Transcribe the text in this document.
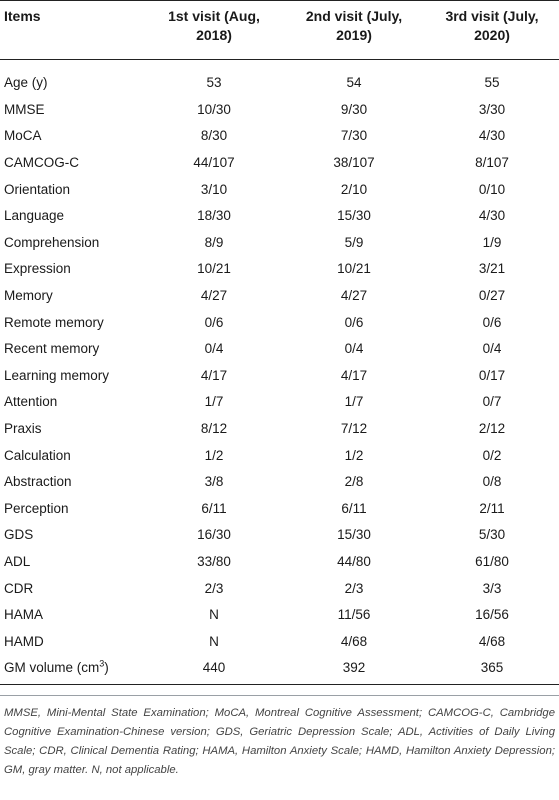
Items	1st visit (Aug, 2018)	2nd visit (July, 2019)	3rd visit (July, 2020)

Age (y)	53	54	55
MMSE	10/30	9/30	3/30
MoCA	8/30	7/30	4/30
CAMCOG-C	44/107	38/107	8/107
Orientation	3/10	2/10	0/10
Language	18/30	15/30	4/30
Comprehension	8/9	5/9	1/9
Expression	10/21	10/21	3/21
Memory	4/27	4/27	0/27
Remote memory	0/6	0/6	0/6
Recent memory	0/4	0/4	0/4
Learning memory	4/17	4/17	0/17
Attention	1/7	1/7	0/7
Praxis	8/12	7/12	2/12
Calculation	1/2	1/2	0/2
Abstraction	3/8	2/8	0/8
Perception	6/11	6/11	2/11
GDS	16/30	15/30	5/30
ADL	33/80	44/80	61/80
CDR	2/3	2/3	3/3
HAMA	N	11/56	16/56
HAMD	N	4/68	4/68
GM volume $(cm^3)$	440	392	365
MMSE, Mini-Mental State Examination; MoCA, Montreal Cognitive Assessment; CAMCOG-C, Cambridge Cognitive Examination-Chinese version; GDS, Geriatric Depression Scale; ADL, Activities of Daily Living Scale; CDR, Clinical Dementia Rating; HAMA, Hamilton Anxiety Scale; HAMD, Hamilton Anxiety Depression; GM, gray matter. N, not applicable.
